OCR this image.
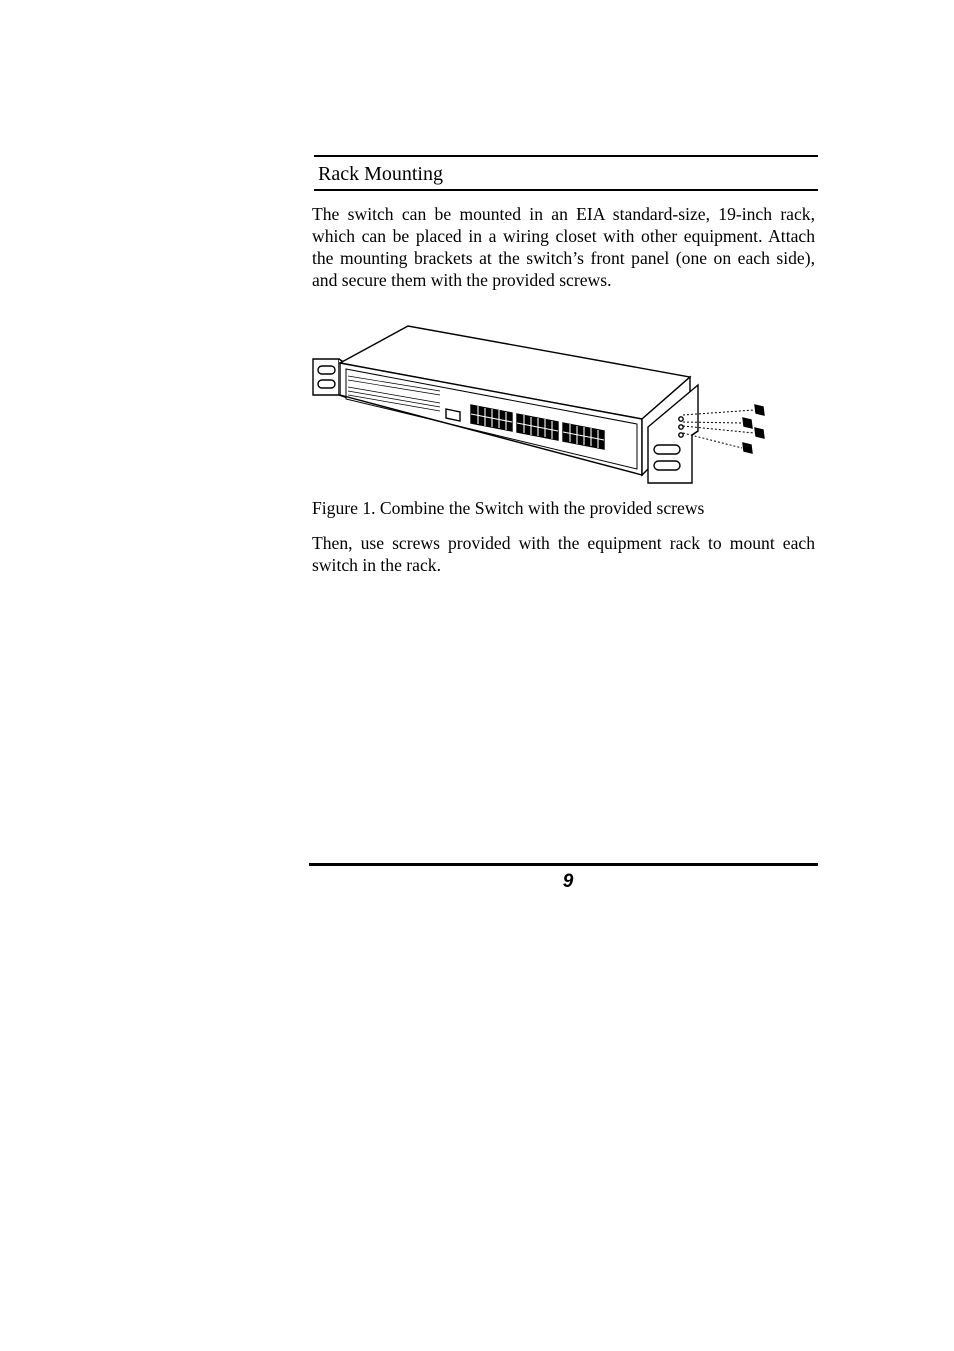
Rack Mounting

The switch can be mounted in an EIA standard-size, 19-inch rack, which can be placed in a wiring closet with other equipment. Attach the mounting brackets at the switch’s front panel (one on each side), and secure them with the provided screws.

Figure 1. Combine the Switch with the provided screws

Then, use screws provided with the equipment rack to mount each switch in the rack.

9
